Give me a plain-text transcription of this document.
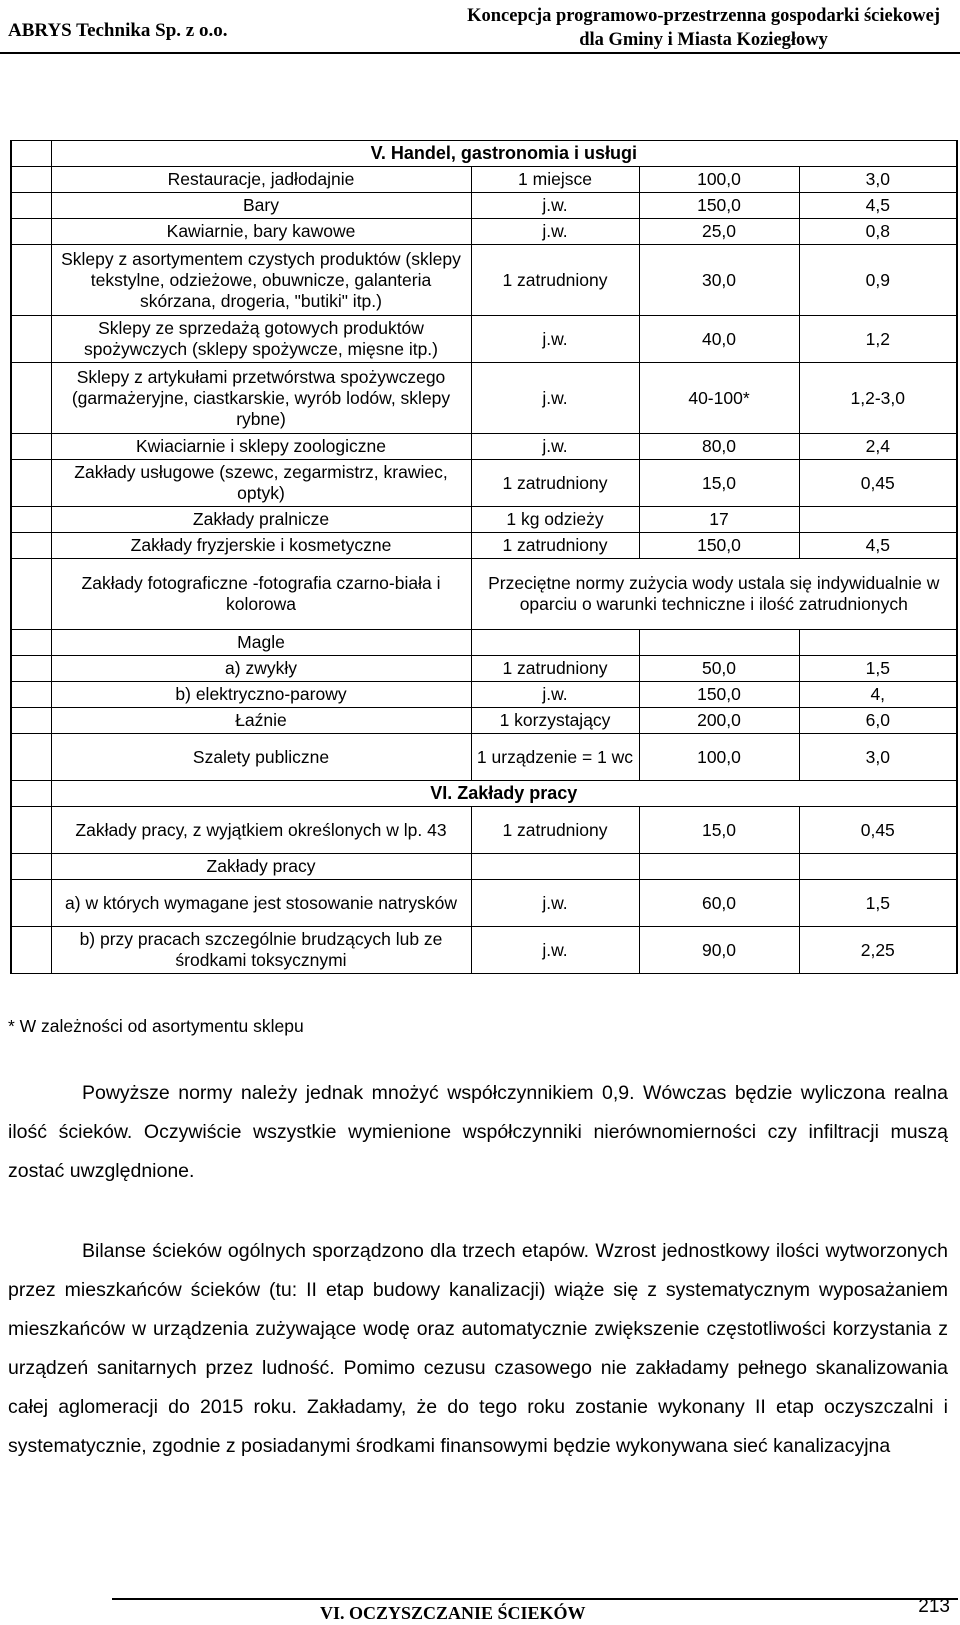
ABRYS Technika Sp. z o.o.
Koncepcja programowo-przestrzenna gospodarki ściekowej
dla Gminy i Miasta Koziegłowy
	V. Handel, gastronomia i usługi			
	Restauracje, jadłodajnie	1 miejsce	100,0	3,0
	Bary	j.w.	150,0	4,5
	Kawiarnie, bary kawowe	j.w.	25,0	0,8
	Sklepy z asortymentem czystych produktów (sklepy tekstylne, odzieżowe, obuwnicze, galanteria skórzana, drogeria, "butiki" itp.)	1 zatrudniony	30,0	0,9
	Sklepy ze sprzedażą gotowych produktów spożywczych (sklepy spożywcze, mięsne itp.)	j.w.	40,0	1,2
	Sklepy z artykułami przetwórstwa spożywczego (garmażeryjne, ciastkarskie, wyrób lodów, sklepy rybne)	j.w.	40-100*	1,2-3,0
	Kwiaciarnie i sklepy zoologiczne	j.w.	80,0	2,4
	Zakłady usługowe (szewc, zegarmistrz, krawiec, optyk)	1 zatrudniony	15,0	0,45
	Zakłady pralnicze	1 kg odzieży	17	
	Zakłady fryzjerskie i kosmetyczne	1 zatrudniony	150,0	4,5
	Zakłady fotograficzne -fotografia czarno-biała i kolorowa	Przeciętne normy zużycia wody ustala się indywidualnie w oparciu o warunki techniczne i ilość zatrudnionych		
	Magle			
	a) zwykły	1 zatrudniony	50,0	1,5
	b) elektryczno-parowy	j.w.	150,0	4,
	Łaźnie	1 korzystający	200,0	6,0
	Szalety publiczne	1 urządzenie = 1 wc	100,0	3,0
	VI. Zakłady pracy			
	Zakłady pracy, z wyjątkiem określonych w lp. 43	1 zatrudniony	15,0	0,45
	Zakłady pracy			
	a) w których wymagane jest stosowanie natrysków	j.w.	60,0	1,5
	b) przy pracach szczególnie brudzących lub ze środkami toksycznymi	j.w.	90,0	2,25
* W zależności od asortymentu sklepu

Powyższe normy należy jednak mnożyć współczynnikiem 0,9. Wówczas będzie wyliczona realna ilość ścieków. Oczywiście wszystkie wymienione współczynniki nierównomierności czy infiltracji muszą zostać uwzględnione.

Bilanse ścieków ogólnych sporządzono dla trzech etapów. Wzrost jednostkowy ilości wytworzonych przez mieszkańców ścieków (tu: II etap budowy kanalizacji) wiąże się z systematycznym wyposażaniem mieszkańców w urządzenia zużywające wodę oraz automatycznie zwiększenie częstotliwości korzystania z urządzeń sanitarnych przez ludność. Pomimo cezusu czasowego nie zakładamy pełnego skanalizowania całej aglomeracji do 2015 roku. Zakładamy, że do tego roku zostanie wykonany II etap oczyszczalni i systematycznie, zgodnie z posiadanymi środkami finansowymi będzie wykonywana sieć kanalizacyjna

VI. OCZYSZCZANIE ŚCIEKÓW	213
